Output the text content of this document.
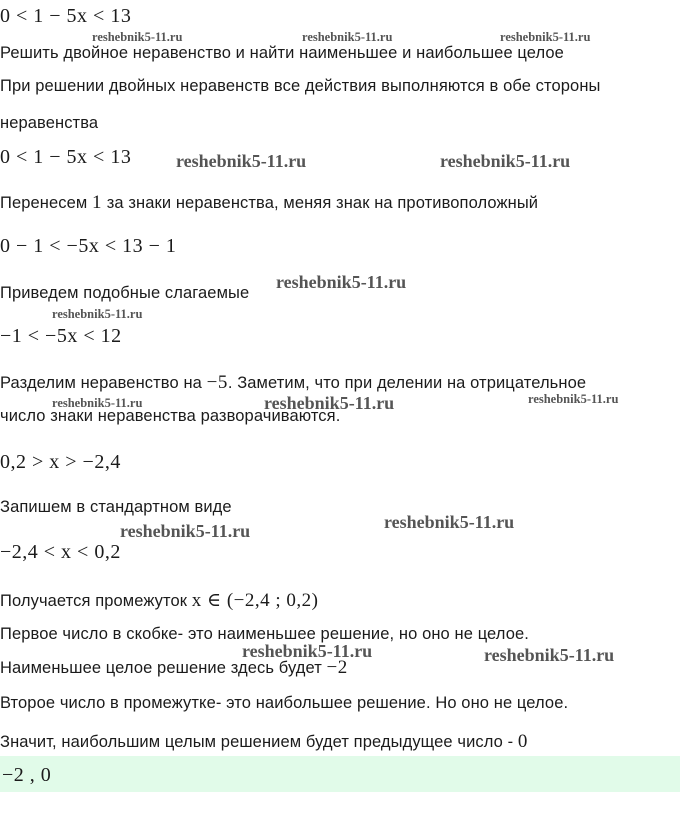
0 < 1 − 5x < 13
Решить двойное неравенство и найти наименьшее и наибольшее целое
При решении двойных неравенств все действия выполняются в обе стороны
неравенства
0 < 1 − 5x < 13
Перенесем 1 за знаки неравенства, меняя знак на противоположный
0 − 1 < −5x < 13 − 1
Приведем подобные слагаемые
−1 < −5x < 12
Разделим неравенство на −5. Заметим, что при делении на отрицательное
число знаки неравенства разворачиваются.
0,2 > x > −2,4
Запишем в стандартном виде
−2,4 < x < 0,2
Получается промежуток x ∈ (−2,4 ; 0,2)
Первое число в скобке- это наименьшее решение, но оно не целое.
Наименьшее целое решение здесь будет −2
Второе число в промежутке- это наибольшее решение. Но оно не целое.
Значит, наибольшим целым решением будет предыдущее число - 0
−2 , 0
reshebnik5-11.ru	reshebnik5-11.ru	reshebnik5-11.ru
reshebnik5-11.ru	reshebnik5-11.ru
reshebnik5-11.ru
reshebnik5-11.ru
reshebnik5-11.ru	reshebnik5-11.ru	reshebnik5-11.ru
reshebnik5-11.ru
reshebnik5-11.ru
reshebnik5-11.ru	reshebnik5-11.ru
